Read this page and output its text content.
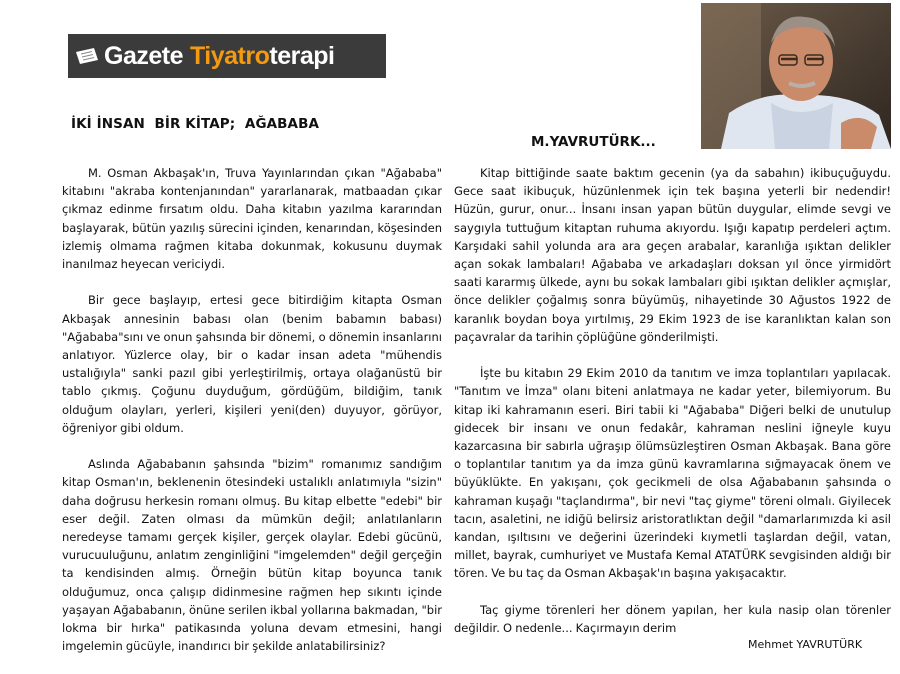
Gazete Tiyatro terapi
İKİ İNSAN  BİR KİTAP;  AĞABABA
M.YAVRUTÜRK...

M. Osman Akbaşak'ın, Truva Yayınlarından çıkan "Ağababa" kitabını "akraba kontenjanından" yararlanarak, matbaadan çıkar çıkmaz edinme fırsatım oldu. Daha kitabın yazılma kararından başlayarak, bütün yazılış sürecini içinden, kenarından, köşesinden izlemiş olmama rağmen kitaba dokunmak, kokusunu duymak inanılmaz heyecan vericiydi.

Bir gece başlayıp, ertesi gece bitirdiğim kitapta Osman Akbaşak annesinin babası olan (benim babamın babası) "Ağababa"sını ve onun şahsında bir dönemi, o dönemin insanlarını anlatıyor. Yüzlerce olay, bir o kadar insan adeta "mühendis ustalığıyla" sanki pazıl gibi yerleştirilmiş, ortaya olağanüstü bir tablo çıkmış. Çoğunu duyduğum, gördüğüm, bildiğim, tanık olduğum olayları, yerleri, kişileri yeni(den) duyuyor, görüyor, öğreniyor gibi oldum.

Aslında Ağababanın şahsında "bizim" romanımız sandığım kitap Osman'ın, beklenenin ötesindeki ustalıklı anlatımıyla "sizin" daha doğrusu herkesin romanı olmuş. Bu kitap elbette "edebi" bir eser değil. Zaten olması da mümkün değil; anlatılanların neredeyse tamamı gerçek kişiler, gerçek olaylar. Edebi gücünü, vurucuuluğunu, anlatım zenginliğini "imgelemden" değil gerçeğin ta kendisinden almış. Örneğin bütün kitap boyunca tanık olduğumuz, onca çalışıp didinmesine rağmen hep sıkıntı içinde yaşayan Ağababanın, önüne serilen ikbal yollarına bakmadan, "bir lokma bir hırka" patikasında yoluna devam etmesini, hangi imgelemin gücüyle, inandırıcı bir şekilde anlatabilirsiniz?

Kitap bittiğinde saate baktım gecenin (ya da sabahın) ikibuçuğuydu. Gece saat ikibuçuk, hüzünlenmek için tek başına yeterli bir nedendir! Hüzün, gurur, onur... İnsanı insan yapan bütün duygular, elimde sevgi ve saygıyla tuttuğum kitaptan ruhuma akıyordu. Işığı kapatıp perdeleri açtım. Karşıdaki sahil yolunda ara ara geçen arabalar, karanlığa ışıktan delikler açan sokak lambaları! Ağababa ve arkadaşları doksan yıl önce yirmidört saati kararmış ülkede, aynı bu sokak lambaları gibi ışıktan delikler açmışlar, önce delikler çoğalmış sonra büyümüş, nihayetinde 30 Ağustos 1922 de karanlık boydan boya yırtılmış, 29 Ekim 1923 de ise karanlıktan kalan son paçavralar da tarihin çöplüğüne gönderilmişti.

İşte bu kitabın 29 Ekim 2010 da tanıtım ve imza toplantıları yapılacak. "Tanıtım ve İmza" olanı biteni anlatmaya ne kadar yeter, bilemiyorum. Bu kitap iki kahramanın eseri. Biri tabii ki "Ağababa" Diğeri belki de unutulup gidecek bir insanı ve onun fedakâr, kahraman neslini iğneyle kuyu kazarcasına bir sabırla uğraşıp ölümsüzleştiren Osman Akbaşak. Bana göre o toplantılar tanıtım ya da imza günü kavramlarına sığmayacak önem ve büyüklükte. En yakışanı, çok gecikmeli de olsa Ağababanın şahsında o kahraman kuşağı "taçlandırma", bir nevi "taç giyme" töreni olmalı. Giyilecek tacın, asaletini, ne idiğü belirsiz aristoratlıktan değil "damarlarımızda ki asil kandan, ışıltısını ve değerini üzerindeki kıymetli taşlardan değil, vatan, millet, bayrak, cumhuriyet ve Mustafa Kemal ATATÜRK sevgisinden aldığı bir tören. Ve bu taç da Osman Akbaşak'ın başına yakışacaktır.

Taç giyme törenleri her dönem yapılan, her kula nasip olan törenler değildir. O nedenle... Kaçırmayın derim

Mehmet YAVRUTÜRK
